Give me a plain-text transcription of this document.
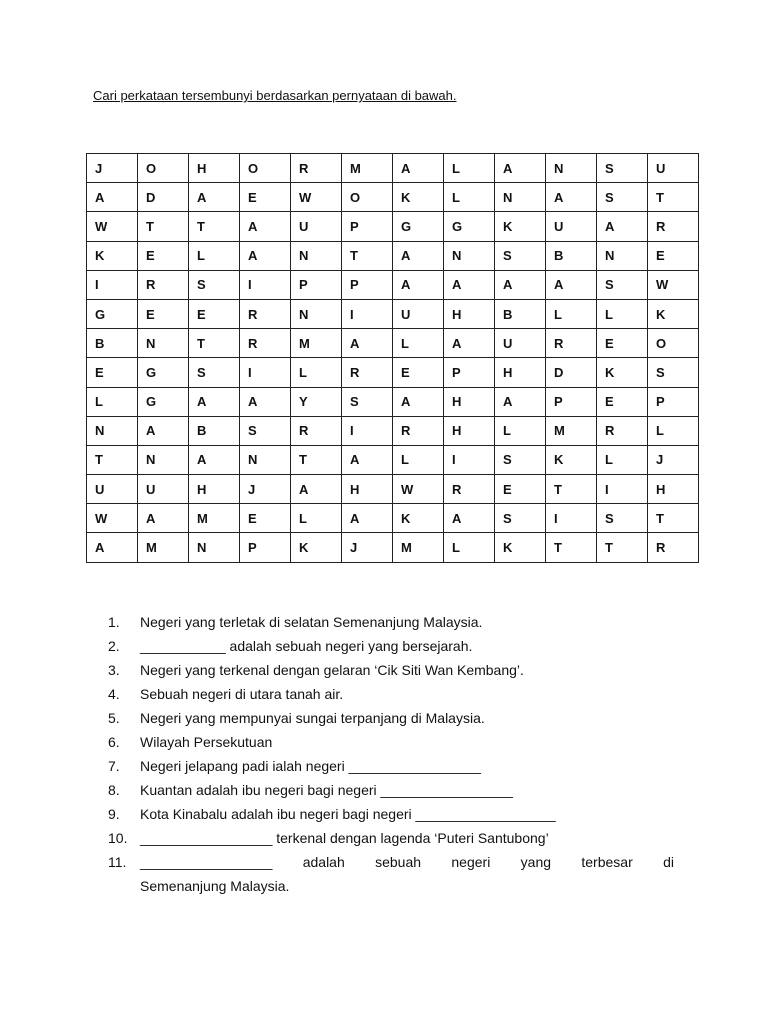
Cari perkataan tersembunyi berdasarkan pernyataan di bawah.
J	O	H	O	R	M	A	L	A	N	S	U
A	D	A	E	W	O	K	L	N	A	S	T
W	T	T	A	U	P	G	G	K	U	A	R
K	E	L	A	N	T	A	N	S	B	N	E
I	R	S	I	P	P	A	A	A	A	S	W
G	E	E	R	N	I	U	H	B	L	L	K
B	N	T	R	M	A	L	A	U	R	E	O
E	G	S	I	L	R	E	P	H	D	K	S
L	G	A	A	Y	S	A	H	A	P	E	P
N	A	B	S	R	I	R	H	L	M	R	L
T	N	A	N	T	A	L	I	S	K	L	J
U	U	H	J	A	H	W	R	E	T	I	H
W	A	M	E	L	A	K	A	S	I	S	T
A	M	N	P	K	J	M	L	K	T	T	R
1.	Negeri yang terletak di selatan Semenanjung Malaysia.
2.	___________ adalah sebuah negeri yang bersejarah.
3.	Negeri yang terkenal dengan gelaran ‘Cik Siti Wan Kembang’.
4.	Sebuah negeri di utara tanah air.
5.	Negeri yang mempunyai sungai terpanjang di Malaysia.
6.	Wilayah Persekutuan
7.	Negeri jelapang padi ialah negeri _________________
8.	Kuantan adalah ibu negeri bagi negeri _________________
9.	Kota Kinabalu adalah ibu negeri bagi negeri __________________
10. _________________ terkenal dengan lagenda ‘Puteri Santubong’
11. _________________ adalah sebuah negeri yang terbesar di
Semenanjung Malaysia.
